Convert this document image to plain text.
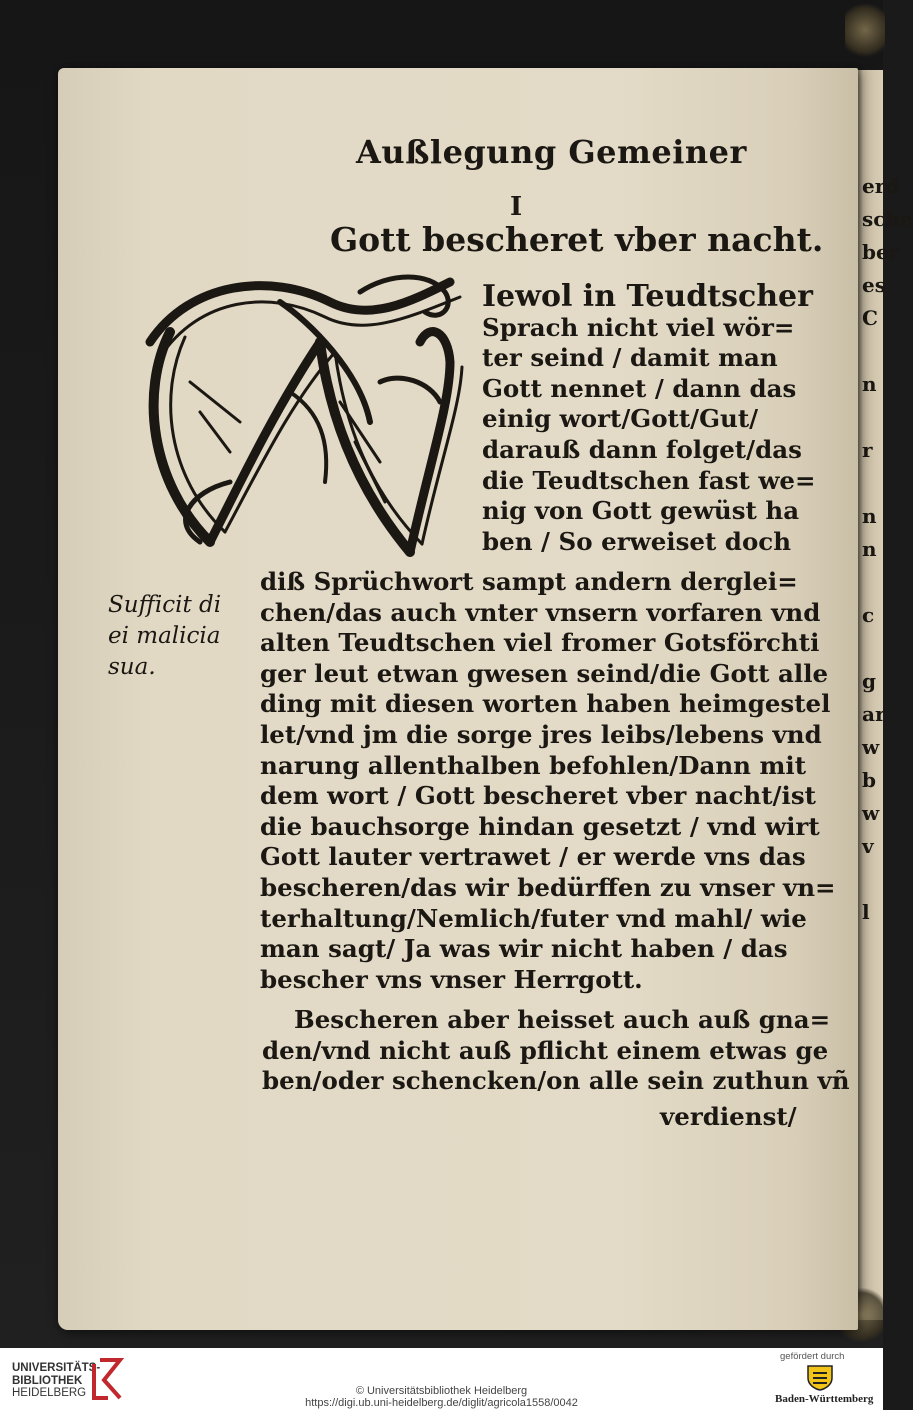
erd
sche
ber
es
C

n

r

n
n

c

g
ar
w
b
w
v

l

Außlegung Gemeiner
I
Gott bescheret vber nacht.
Iewol in Teudtscher
Sprach nicht viel wör=
ter seind / damit man
Gott nennet / dann das
einig wort/Gott/Gut/
darauß dann folget/das
die Teudtschen fast we=
nig von Gott gewüst ha
ben / So erweiset doch
Sufficit di
ei malicia
sua.
diß Sprüchwort sampt andern derglei=
chen/das auch vnter vnsern vorfaren vnd
alten Teudtschen viel fromer Gotsförchti
ger leut etwan gwesen seind/die Gott alle
ding mit diesen worten haben heimgestel
let/vnd jm die sorge jres leibs/lebens vnd
narung allenthalben befohlen/Dann mit
dem wort / Gott bescheret vber nacht/ist
die bauchsorge hindan gesetzt / vnd wirt
Gott lauter vertrawet / er werde vns das
bescheren/das wir bedürffen zu vnser vn=
terhaltung/Nemlich/futer vnd mahl/ wie
man sagt/ Ja was wir nicht haben / das
bescher vns vnser Herrgott.
Bescheren aber heisset auch auß gna=
den/vnd nicht auß pflicht einem etwas ge
ben/oder schencken/on alle sein zuthun vñ
verdienst/
UNIVERSITÄTS-
BIBLIOTHEK
HEIDELBERG	© Universitätsbibliothek Heidelberg
https://digi.ub.uni-heidelberg.de/diglit/agricola1558/0042
gefördert durch
Baden-Württemberg
